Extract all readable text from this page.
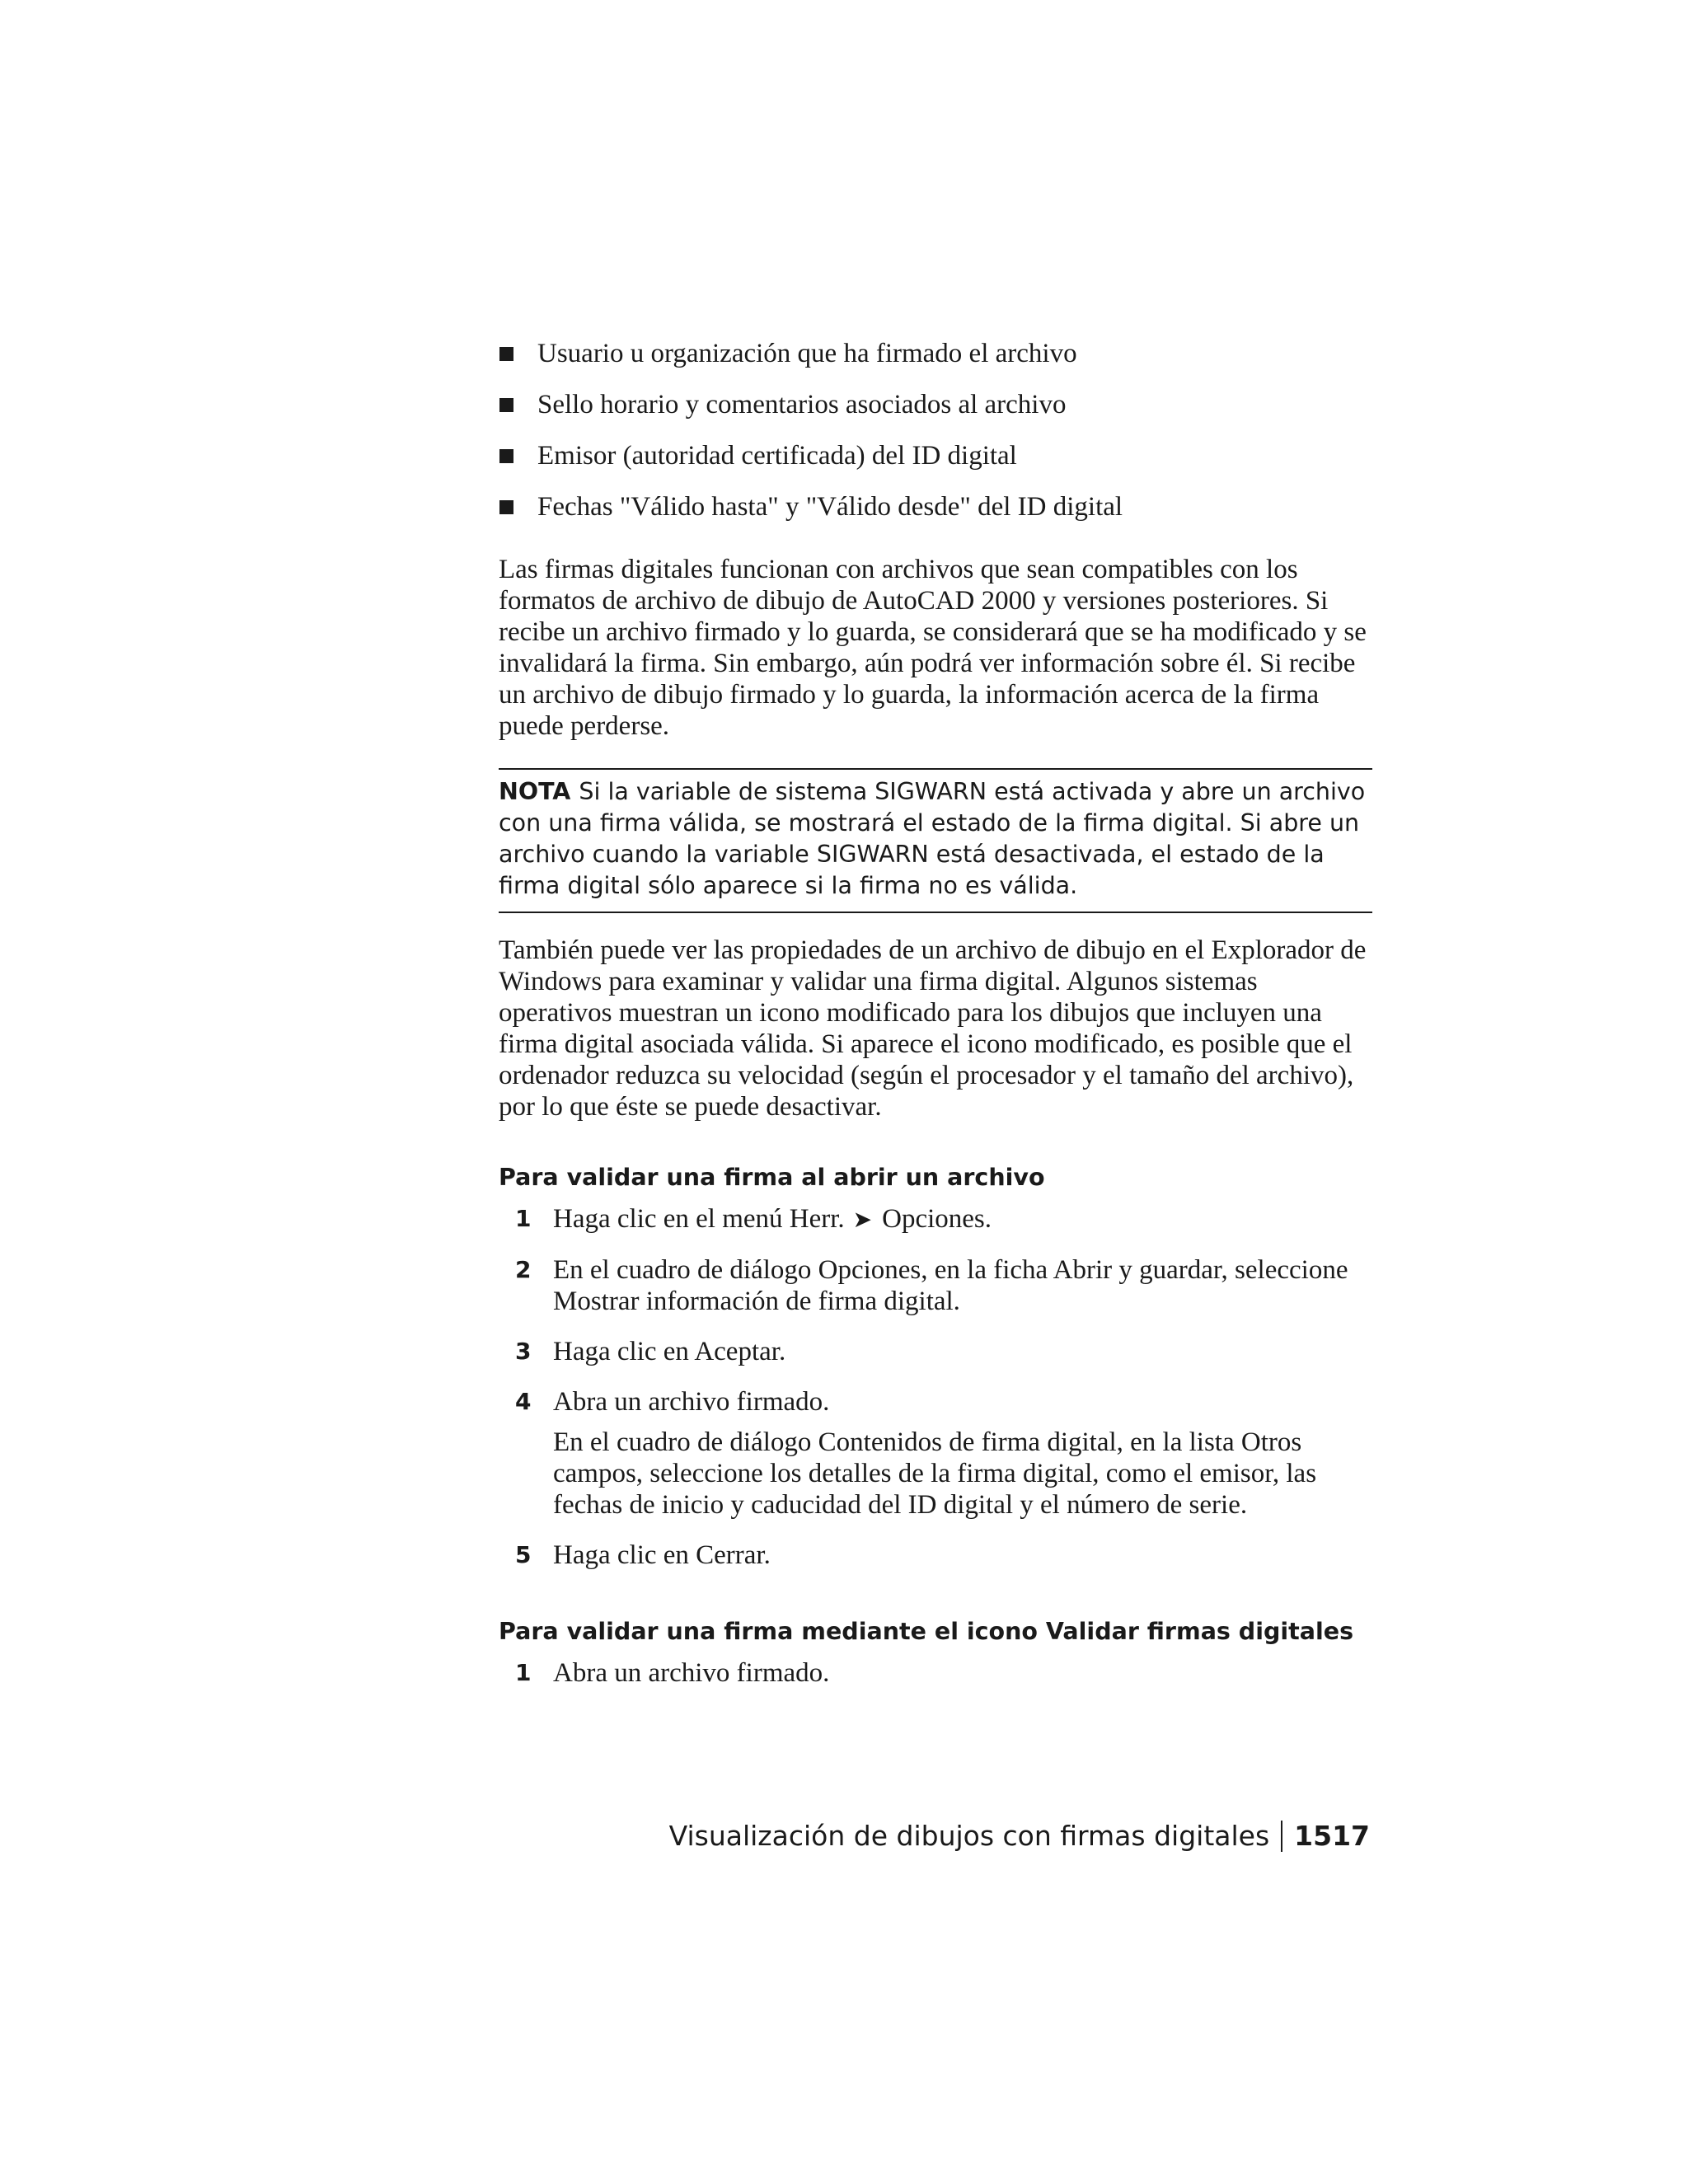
Usuario u organización que ha firmado el archivo
Sello horario y comentarios asociados al archivo
Emisor (autoridad certificada) del ID digital
Fechas "Válido hasta" y "Válido desde" del ID digital

Las firmas digitales funcionan con archivos que sean compatibles con los formatos de archivo de dibujo de AutoCAD 2000 y versiones posteriores. Si recibe un archivo firmado y lo guarda, se considerará que se ha modificado y se invalidará la firma. Sin embargo, aún podrá ver información sobre él. Si recibe un archivo de dibujo firmado y lo guarda, la información acerca de la firma puede perderse.

NOTA Si la variable de sistema SIGWARN está activada y abre un archivo con una firma válida, se mostrará el estado de la firma digital. Si abre un archivo cuando la variable SIGWARN está desactivada, el estado de la firma digital sólo aparece si la firma no es válida.

También puede ver las propiedades de un archivo de dibujo en el Explorador de Windows para examinar y validar una firma digital. Algunos sistemas operativos muestran un icono modificado para los dibujos que incluyen una firma digital asociada válida. Si aparece el icono modificado, es posible que el ordenador reduzca su velocidad (según el procesador y el tamaño del archivo), por lo que éste se puede desactivar.

Para validar una firma al abrir un archivo
1 Haga clic en el menú Herr. ➤ Opciones.
2 En el cuadro de diálogo Opciones, en la ficha Abrir y guardar, seleccione Mostrar información de firma digital.
3 Haga clic en Aceptar.
4 Abra un archivo firmado.
En el cuadro de diálogo Contenidos de firma digital, en la lista Otros campos, seleccione los detalles de la firma digital, como el emisor, las fechas de inicio y caducidad del ID digital y el número de serie.
5 Haga clic en Cerrar.
Para validar una firma mediante el icono Validar firmas digitales
1 Abra un archivo firmado.
Visualización de dibujos con firmas digitales 1517
